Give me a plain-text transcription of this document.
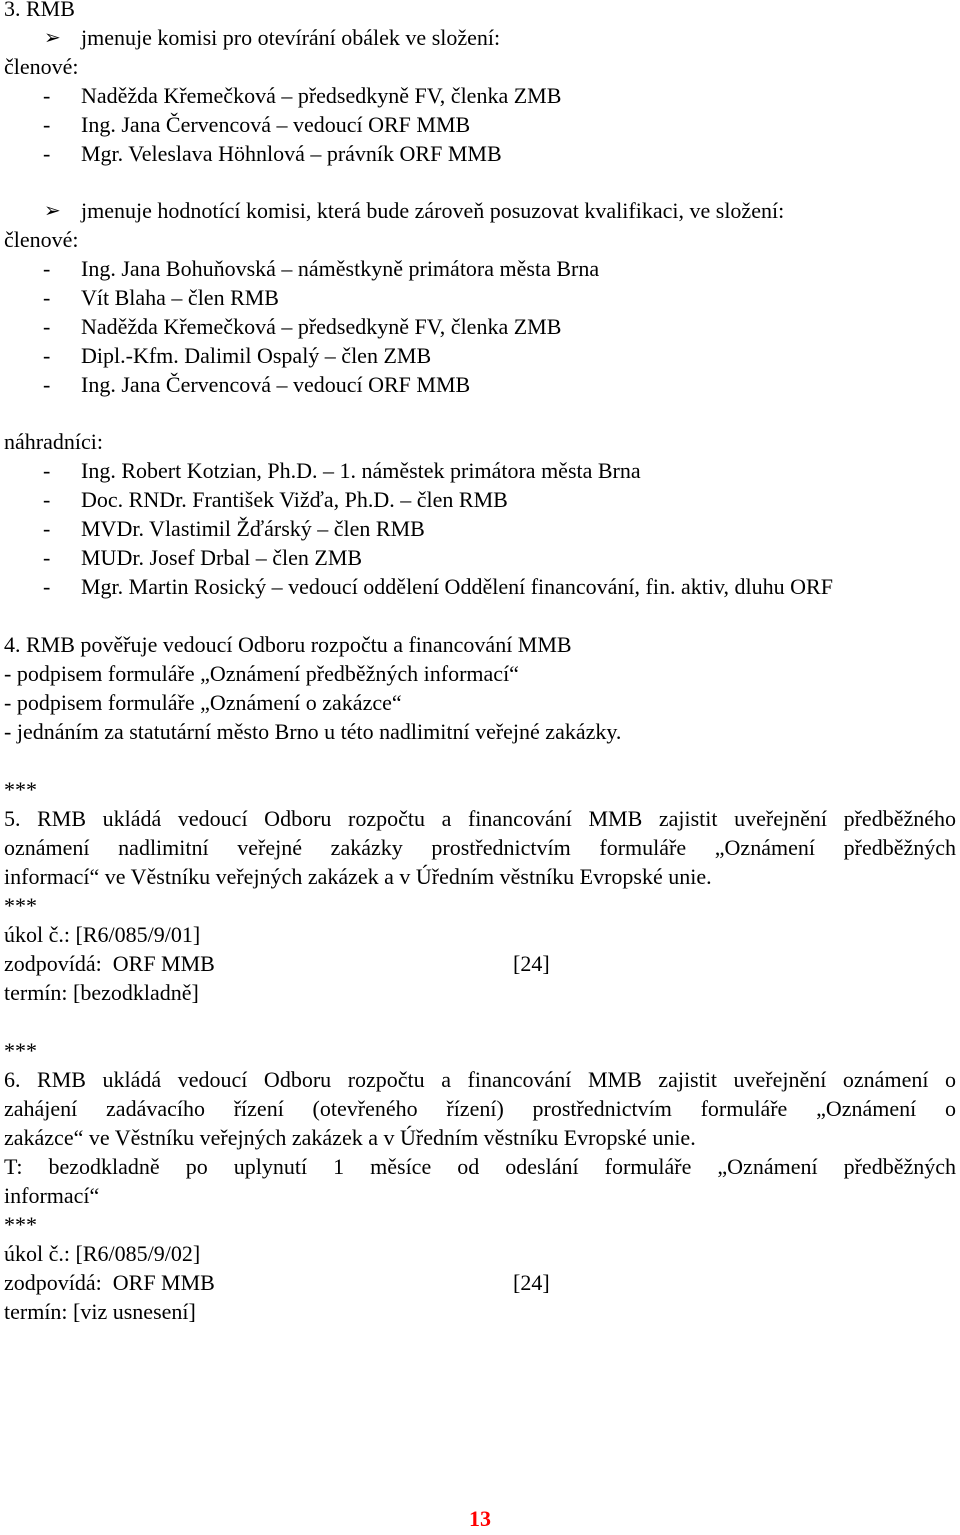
3. RMB
➢ jmenuje komisi pro otevírání obálek ve složení:
členové:
- Naděžda Křemečková – předsedkyně FV, členka ZMB
- Ing. Jana Červencová – vedoucí ORF MMB
- Mgr. Veleslava Höhnlová – právník ORF MMB
➢ jmenuje hodnotící komisi, která bude zároveň posuzovat kvalifikaci, ve složení:
členové:
- Ing. Jana Bohuňovská – náměstkyně primátora města Brna
- Vít Blaha – člen RMB
- Naděžda Křemečková – předsedkyně FV, členka ZMB
- Dipl.-Kfm. Dalimil Ospalý – člen ZMB
- Ing. Jana Červencová – vedoucí ORF MMB
náhradníci:
- Ing. Robert Kotzian, Ph.D. – 1. náměstek primátora města Brna
- Doc. RNDr. František Vižďa, Ph.D. – člen RMB
- MVDr. Vlastimil Žďárský – člen RMB
- MUDr. Josef Drbal – člen ZMB
- Mgr. Martin Rosický – vedoucí oddělení Oddělení financování, fin. aktiv, dluhu ORF
4. RMB pověřuje vedoucí Odboru rozpočtu a financování MMB
- podpisem formuláře „Oznámení předběžných informací“
- podpisem formuláře „Oznámení o zakázce“
- jednáním za statutární město Brno u této nadlimitní veřejné zakázky.
***
5. RMB ukládá vedoucí Odboru rozpočtu a financování MMB zajistit uveřejnění předběžného
oznámení nadlimitní veřejné zakázky prostřednictvím formuláře „Oznámení předběžných
informací“ ve Věstníku veřejných zakázek a v Úředním věstníku Evropské unie.
***
úkol č.: [R6/085/9/01]
zodpovídá:  ORF MMB	[24]
termín: [bezodkladně]
***
6. RMB ukládá vedoucí Odboru rozpočtu a financování MMB zajistit uveřejnění oznámení o
zahájení zadávacího řízení (otevřeného řízení) prostřednictvím formuláře „Oznámení o
zakázce“ ve Věstníku veřejných zakázek a v Úředním věstníku Evropské unie.
T: bezodkladně po uplynutí 1 měsíce od odeslání formuláře „Oznámení předběžných
informací“
***
úkol č.: [R6/085/9/02]
zodpovídá:  ORF MMB	[24]
termín: [viz usnesení]
13
